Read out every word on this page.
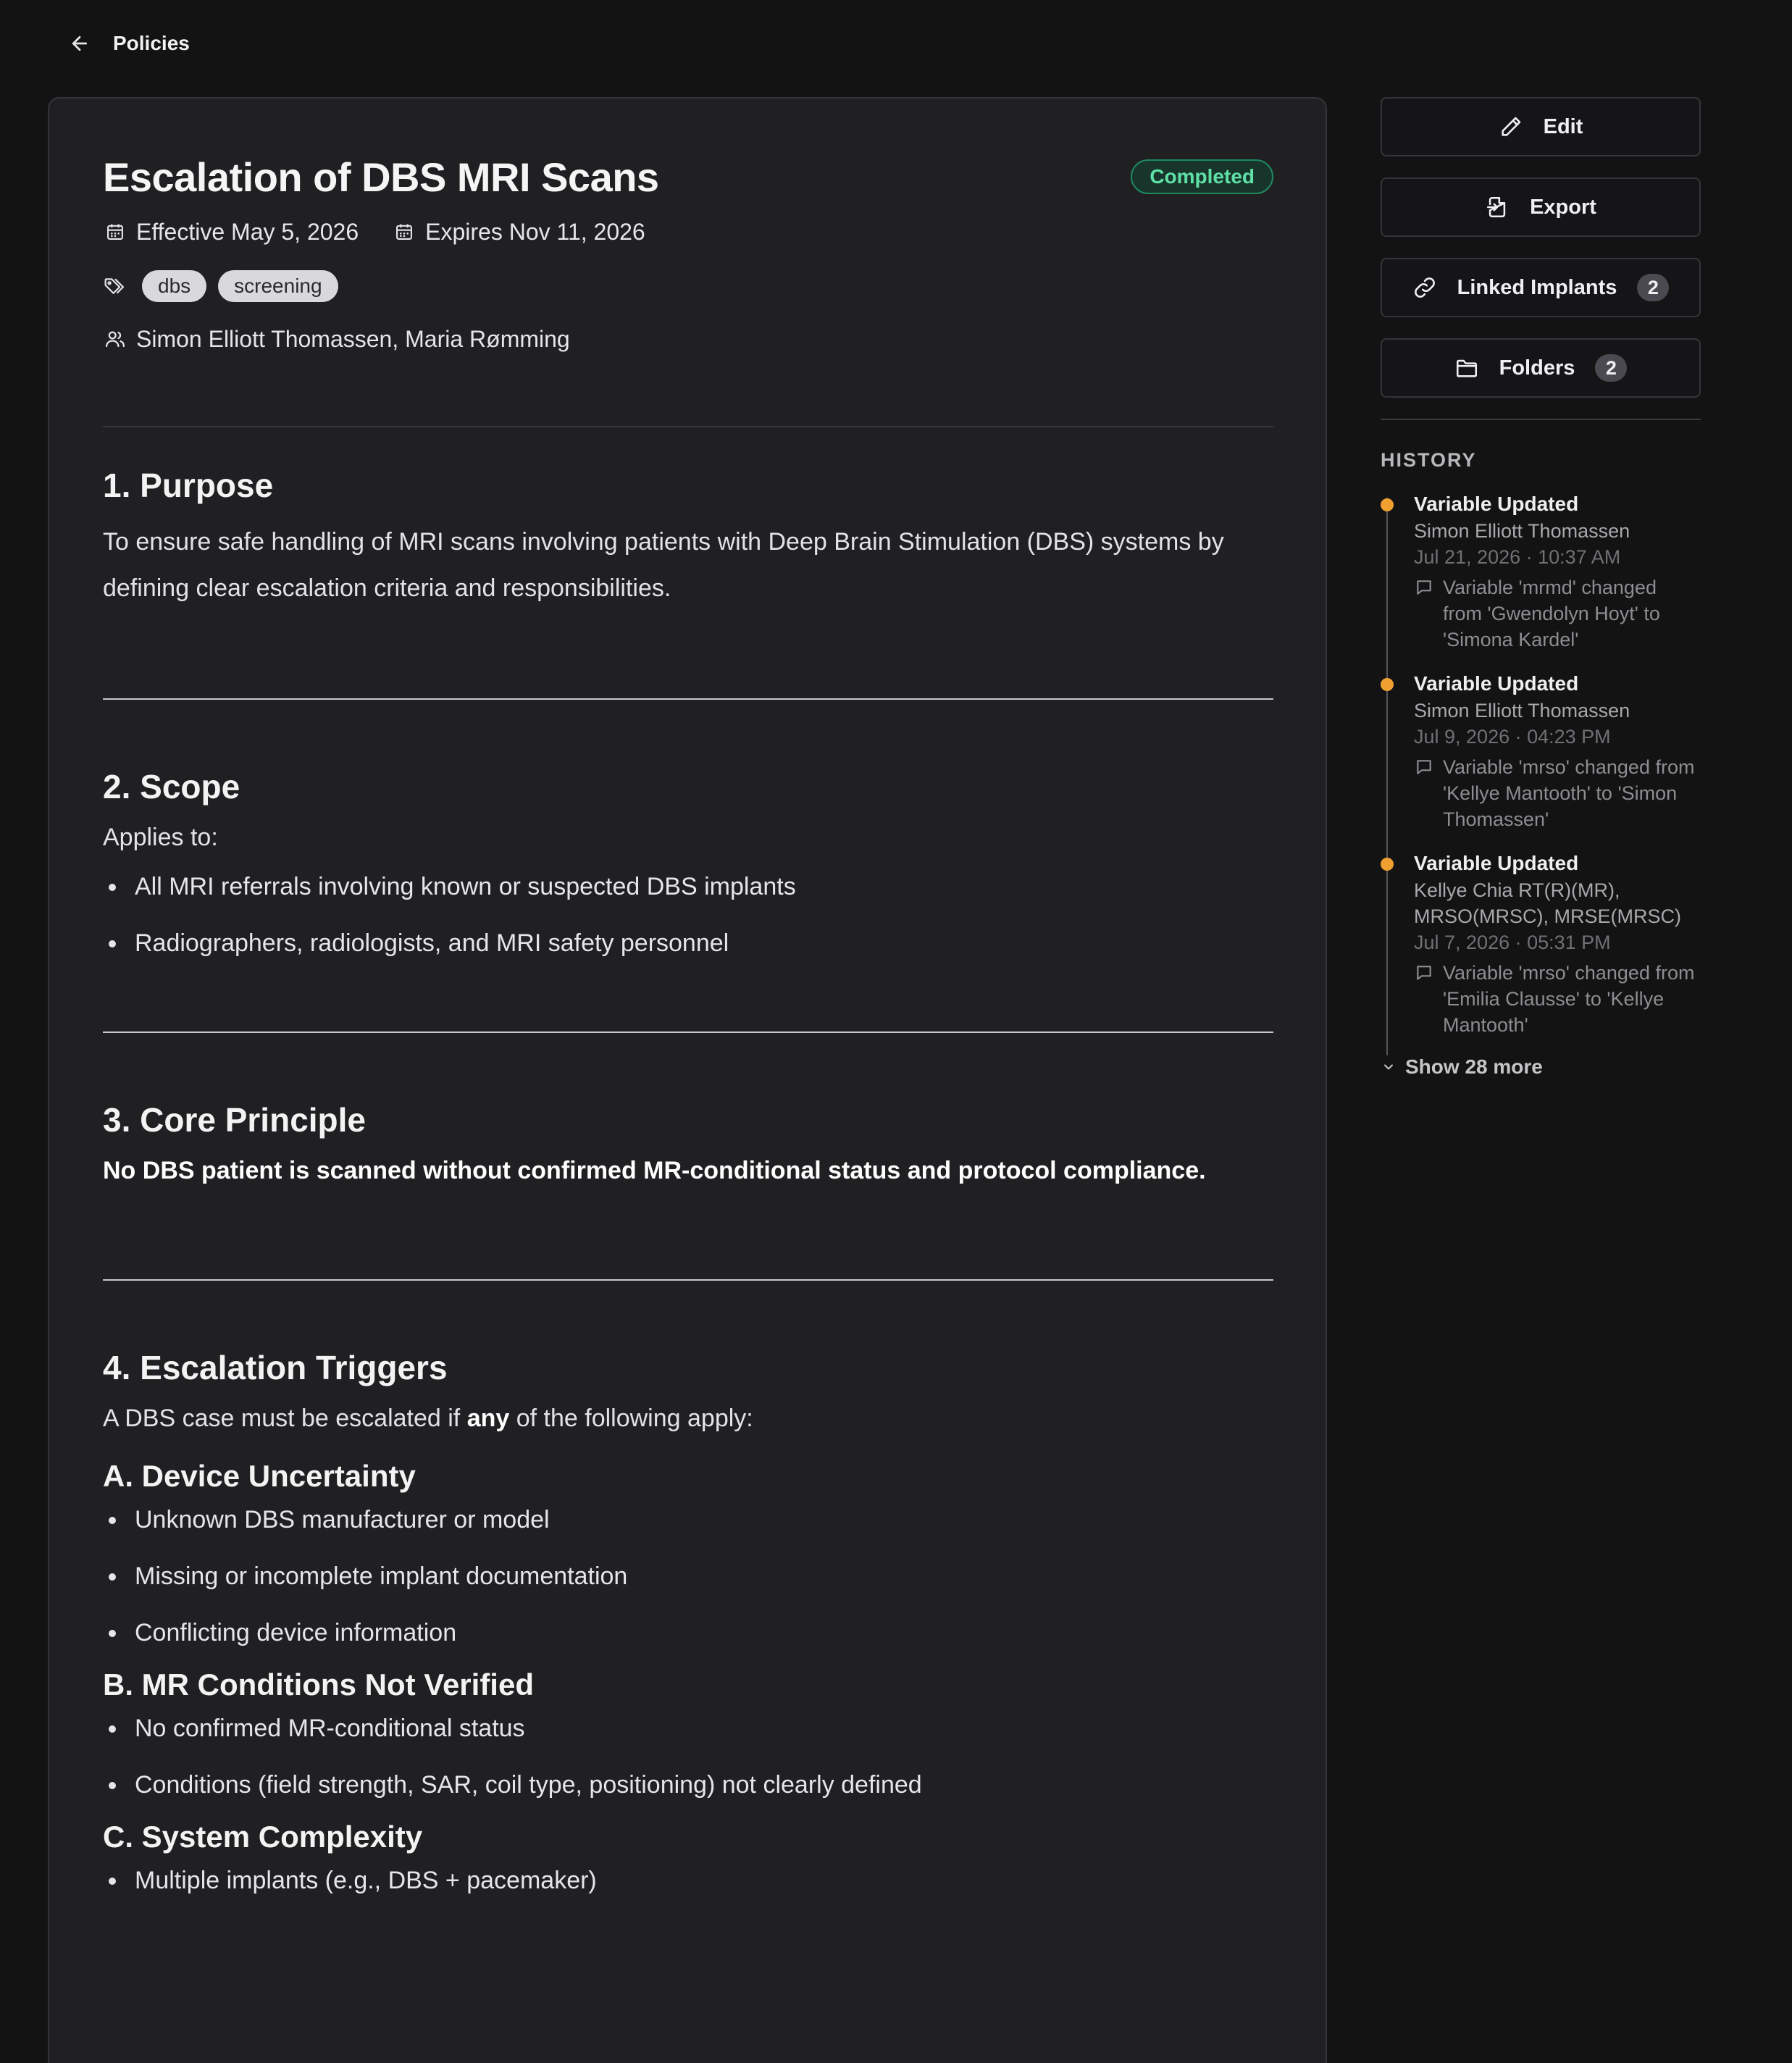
Policies
Escalation of DBS MRI Scans	Completed
Effective May 5, 2026	Expires Nov 11, 2026
dbs	screening
Simon Elliott Thomassen, Maria Rømming
1. Purpose

To ensure safe handling of MRI scans involving patients with Deep Brain Stimulation (DBS) systems by defining clear escalation criteria and responsibilities.

2. Scope

Applies to:

All MRI referrals involving known or suspected DBS implants
Radiographers, radiologists, and MRI safety personnel
3. Core Principle

No DBS patient is scanned without confirmed MR-conditional status and protocol compliance.

4. Escalation Triggers

A DBS case must be escalated if any of the following apply:

A. Device Uncertainty
Unknown DBS manufacturer or model
Missing or incomplete implant documentation
Conflicting device information
B. MR Conditions Not Verified
No confirmed MR-conditional status
Conditions (field strength, SAR, coil type, positioning) not clearly defined
C. System Complexity
Multiple implants (e.g., DBS + pacemaker)
Edit
Export
Linked Implants	2
Folders	2
HISTORY
Variable Updated
Simon Elliott Thomassen
Jul 21, 2026 · 10:37 AM
Variable 'mrmd' changed from 'Gwendolyn Hoyt' to 'Simona Kardel'
Variable Updated
Simon Elliott Thomassen
Jul 9, 2026 · 04:23 PM
Variable 'mrso' changed from 'Kellye Mantooth' to 'Simon Thomassen'
Variable Updated
Kellye Chia RT(R)(MR), MRSO(MRSC), MRSE(MRSC)
Jul 7, 2026 · 05:31 PM
Variable 'mrso' changed from 'Emilia Clausse' to 'Kellye Mantooth'
Show 28 more
